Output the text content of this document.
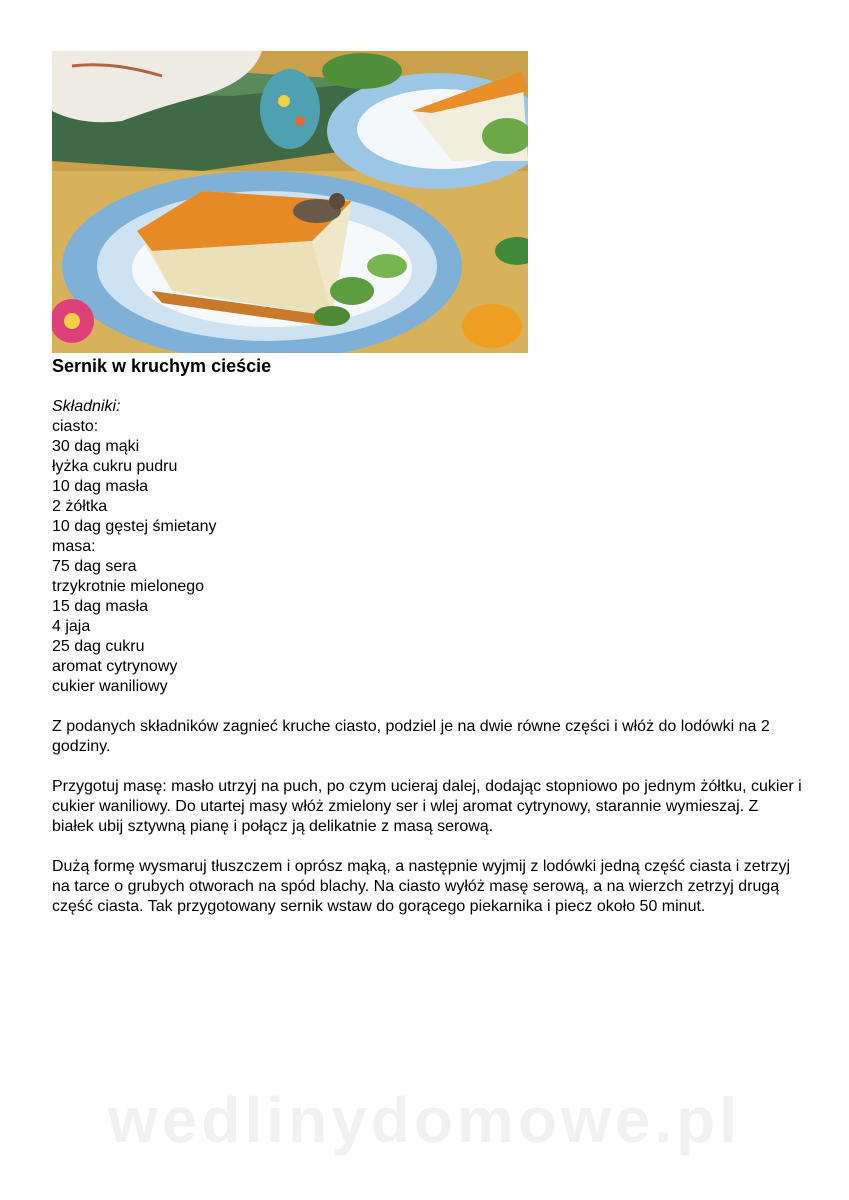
Sernik w kruchym cieście
Składniki:
ciasto:
30 dag mąki
łyżka cukru pudru
10 dag masła
2 żółtka
10 dag gęstej śmietany
masa:
75 dag sera
trzykrotnie mielonego
15 dag masła
4 jaja
25 dag cukru
aromat cytrynowy
cukier waniliowy

Z podanych składników zagnieć kruche ciasto, podziel je na dwie równe części i włóż do lodówki na 2 godziny.

Przygotuj masę: masło utrzyj na puch, po czym ucieraj dalej, dodając stopniowo po jednym żółtku, cukier i cukier waniliowy. Do utartej masy włóż zmielony ser i wlej aromat cytrynowy, starannie wymieszaj. Z białek ubij sztywną pianę i połącz ją delikatnie z masą serową.

Dużą formę wysmaruj tłuszczem i oprósz mąką, a następnie wyjmij z lodówki jedną część ciasta i zetrzyj na tarce o grubych otworach na spód blachy. Na ciasto wyłóż masę serową, a na wierzch zetrzyj drugą część ciasta. Tak przygotowany sernik wstaw do gorącego piekarnika i piecz około 50 minut.

wedlinydomowe.pl
